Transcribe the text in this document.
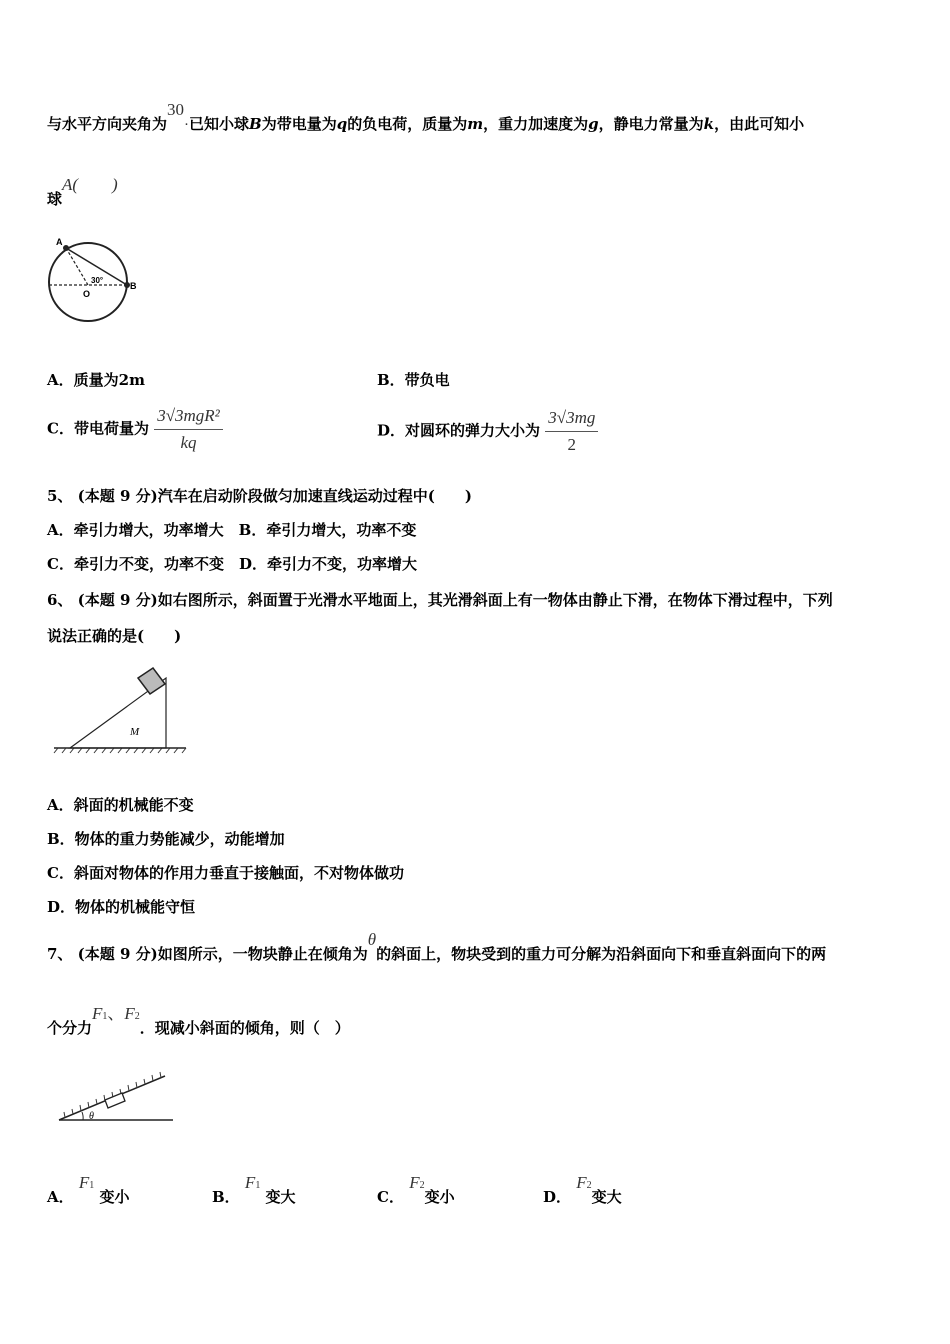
与水平方向夹角为30·已知小球B为带电量为q的负电荷，质量为m，重力加速度为g，静电力常量为k，由此可知小
球A(　　)
A
O
B
30°
A．质量为2m	B．带负电
C．带电荷量为 $\frac{\text{3√3mgR²}}{kq}$	D．对圆环的弹力大小为 $\frac{3√3mg}{2}$
5、 (本题 9 分)汽车在启动阶段做匀加速直线运动过程中(　　)
A．牵引力增大，功率增大　B．牵引力增大，功率不变
C．牵引力不变，功率不变　D．牵引力不变，功率增大
6、 (本题 9 分)如右图所示，斜面置于光滑水平地面上，其光滑斜面上有一物体由静止下滑，在物体下滑过程中，下列
说法正确的是(　　)
M
A．斜面的机械能不变
B．物体的重力势能减少，动能增加
C．斜面对物体的作用力垂直于接触面，不对物体做功
D．物体的机械能守恒
7、 (本题 9 分)如图所示，一物块静止在倾角为θ的斜面上，物块受到的重力可分解为沿斜面向下和垂直斜面向下的两
个分力F1、F2．现减小斜面的倾角，则（　）
θ
A． F1 变小	B． F1 变大	C． F2变小	D． F2变大
